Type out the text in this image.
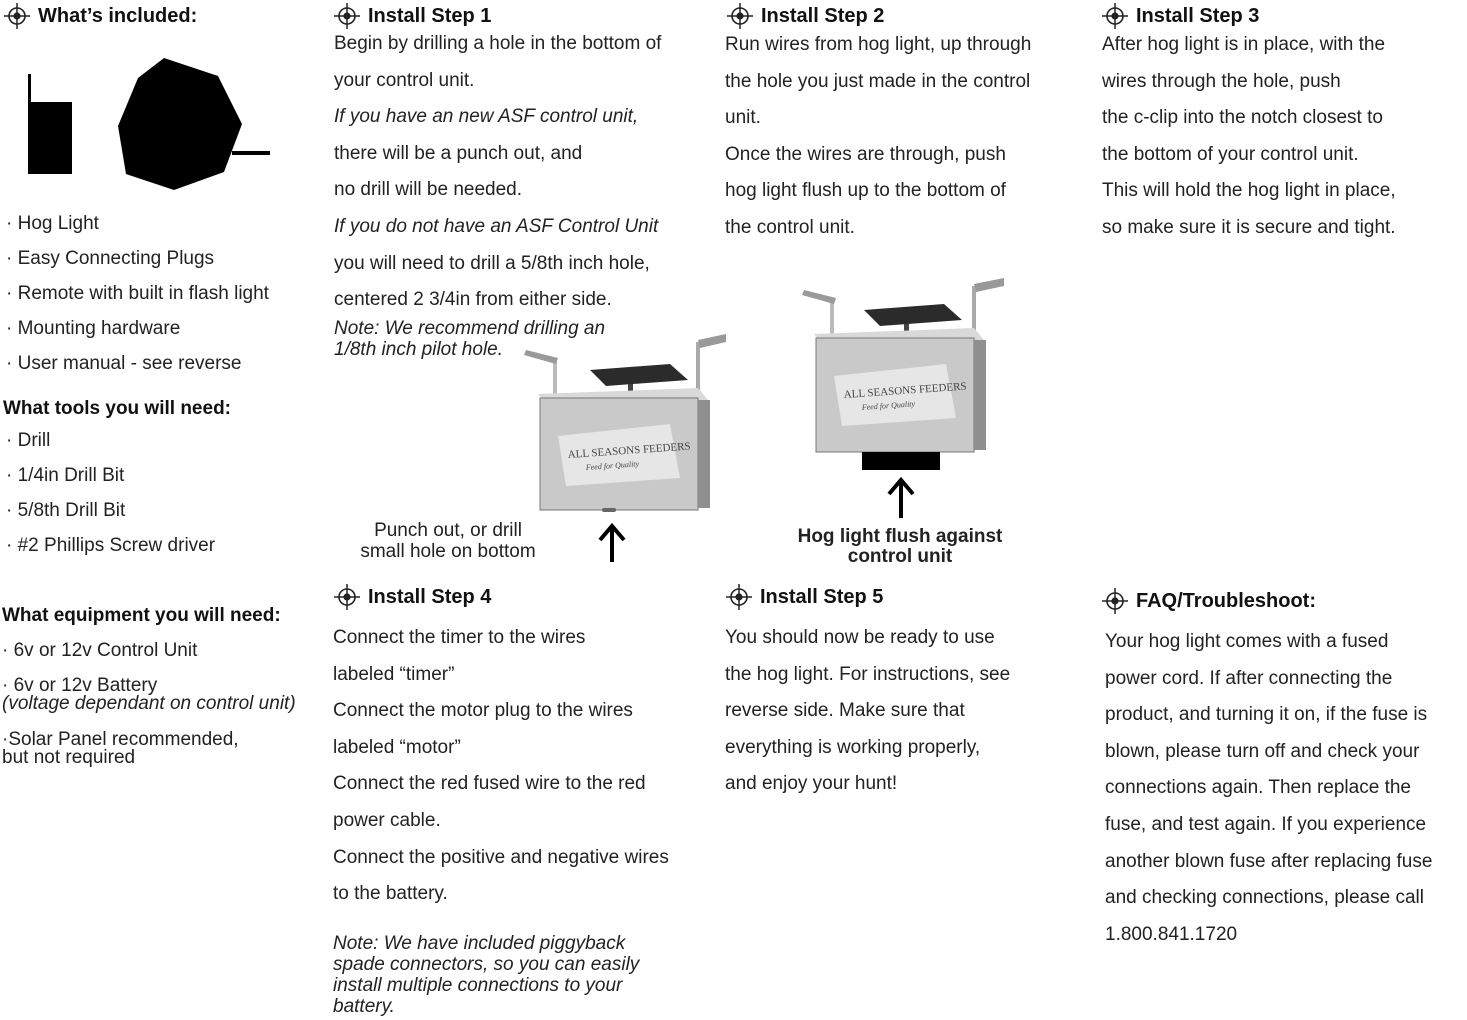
What’s included:
· Hog Light
· Easy Connecting Plugs
· Remote with built in flash light
· Mounting hardware
· User manual - see reverse
What tools you will need:
· Drill
· 1/4in Drill Bit
· 5/8th Drill Bit
· #2 Phillips Screw driver
What equipment you will need:
· 6v or 12v Control Unit
· 6v or 12v Battery
(voltage dependant on control unit)
·Solar Panel recommended,
but not required
Install Step 1
Begin by drilling a hole in the bottom of
your control unit.
If you have an new ASF control unit,
there will be a punch out, and
no drill will be needed.
If you do not have an ASF Control Unit
you will need to drill a 5/8th inch hole,
centered 2 3/4in from either side.
Note: We recommend drilling an
1/8th inch pilot hole.
ALL SEASONS FEEDERS
Feed for Quality
Punch out, or drill
small hole on bottom
Install Step 2
Run wires from hog light, up through
the hole you just made in the control
unit.
Once the wires are through, push
hog light flush up to the bottom of
the control unit.
ALL SEASONS FEEDERS
Feed for Quality
Hog light flush against
control unit
Install Step 3
After hog light is in place, with the
wires through the hole, push
the c-clip into the notch closest to
the bottom of your control unit.
This will hold the hog light in place,
so make sure it is secure and tight.
Install Step 4
Connect the timer to the wires
labeled “timer”
Connect the motor plug to the wires
labeled “motor”
Connect the red fused wire to the red
power cable.
Connect the positive and negative wires
to the battery.
Note: We have included piggyback
spade connectors, so you can easily
install multiple connections to your
battery.
Install Step 5
You should now be ready to use
the hog light. For instructions, see
reverse side. Make sure that
everything is working properly,
and enjoy your hunt!
FAQ/Troubleshoot:
Your hog light comes with a fused
power cord. If after connecting the
product, and turning it on, if the fuse is
blown, please turn off and check your
connections again. Then replace the
fuse, and test again. If you experience
another blown fuse after replacing fuse
and checking connections, please call
1.800.841.1720
